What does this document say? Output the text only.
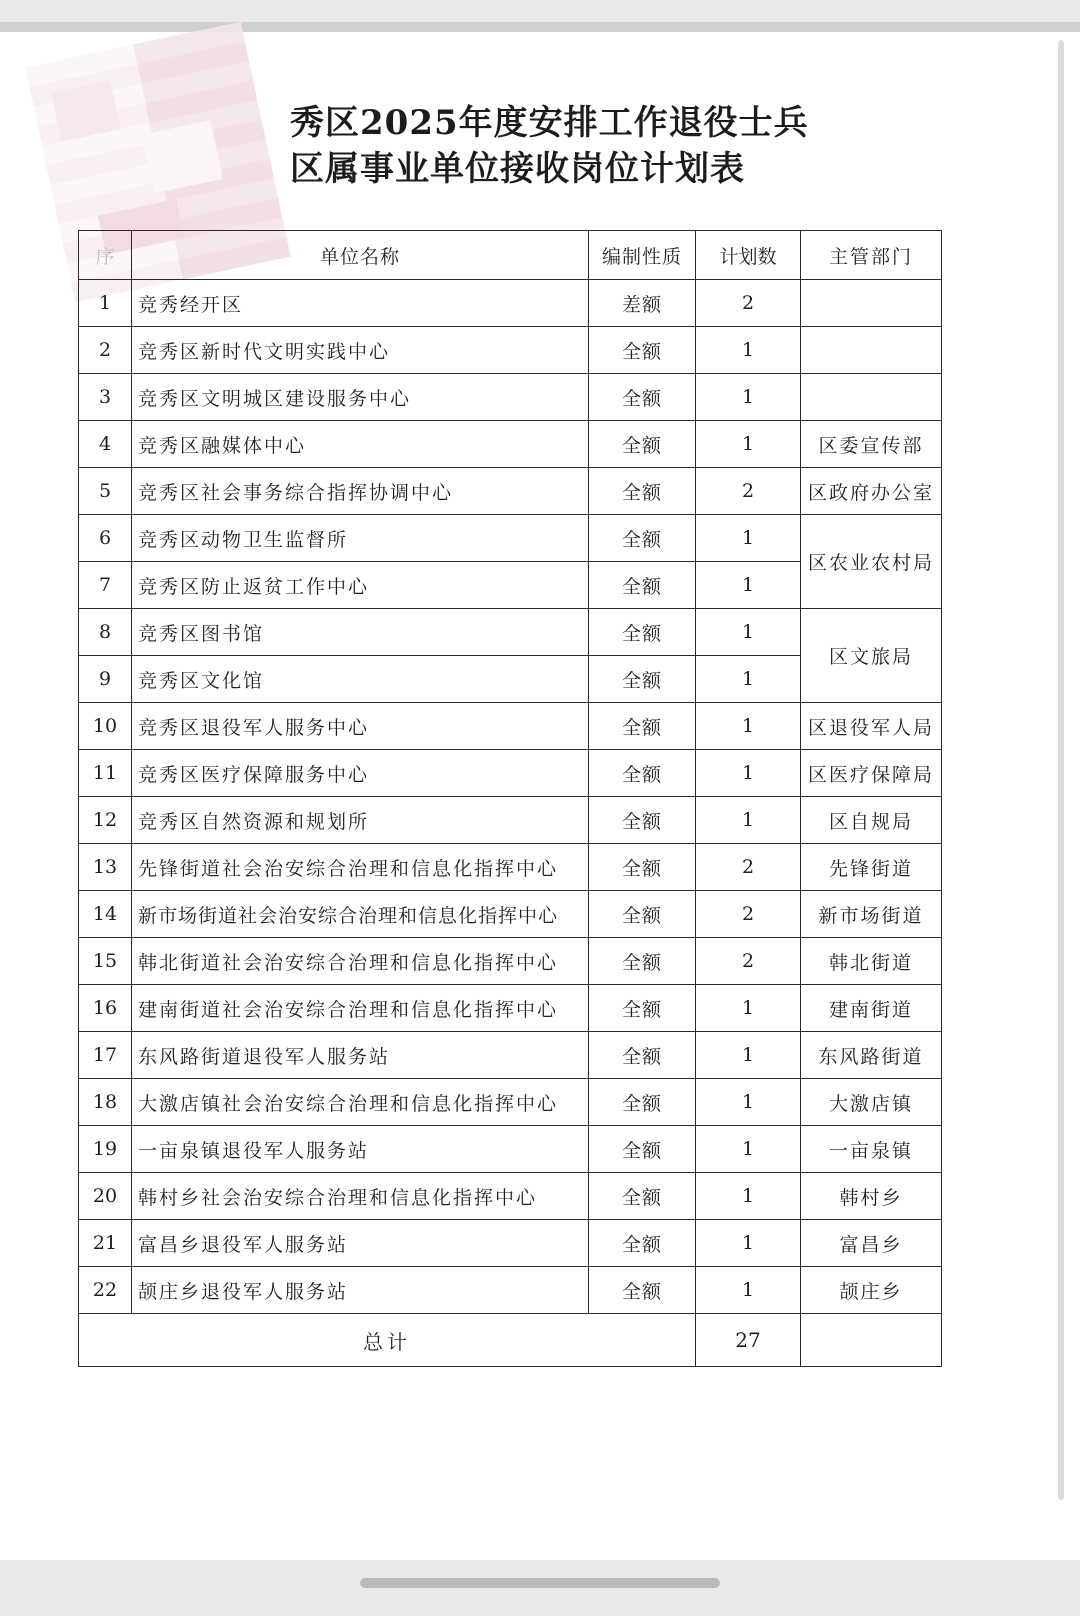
秀区2025年度安排工作退役士兵
区属事业单位接收岗位计划表
序	单位名称	编制性质	计划数	主管部门
1	竞秀经开区	差额	2	
2	竞秀区新时代文明实践中心	全额	1	
3	竞秀区文明城区建设服务中心	全额	1	
4	竞秀区融媒体中心	全额	1	区委宣传部
5	竞秀区社会事务综合指挥协调中心	全额	2	区政府办公室
6	竞秀区动物卫生监督所	全额	1	区农业农村局
7	竞秀区防止返贫工作中心	全额	1	
8	竞秀区图书馆	全额	1	区文旅局
9	竞秀区文化馆	全额	1	
10	竞秀区退役军人服务中心	全额	1	区退役军人局
11	竞秀区医疗保障服务中心	全额	1	区医疗保障局
12	竞秀区自然资源和规划所	全额	1	区自规局
13	先锋街道社会治安综合治理和信息化指挥中心	全额	2	先锋街道
14	新市场街道社会治安综合治理和信息化指挥中心	全额	2	新市场街道
15	韩北街道社会治安综合治理和信息化指挥中心	全额	2	韩北街道
16	建南街道社会治安综合治理和信息化指挥中心	全额	1	建南街道
17	东风路街道退役军人服务站	全额	1	东风路街道
18	大激店镇社会治安综合治理和信息化指挥中心	全额	1	大激店镇
19	一亩泉镇退役军人服务站	全额	1	一亩泉镇
20	韩村乡社会治安综合治理和信息化指挥中心	全额	1	韩村乡
21	富昌乡退役军人服务站	全额	1	富昌乡
22	颉庄乡退役军人服务站	全额	1	颉庄乡
总计			27	
